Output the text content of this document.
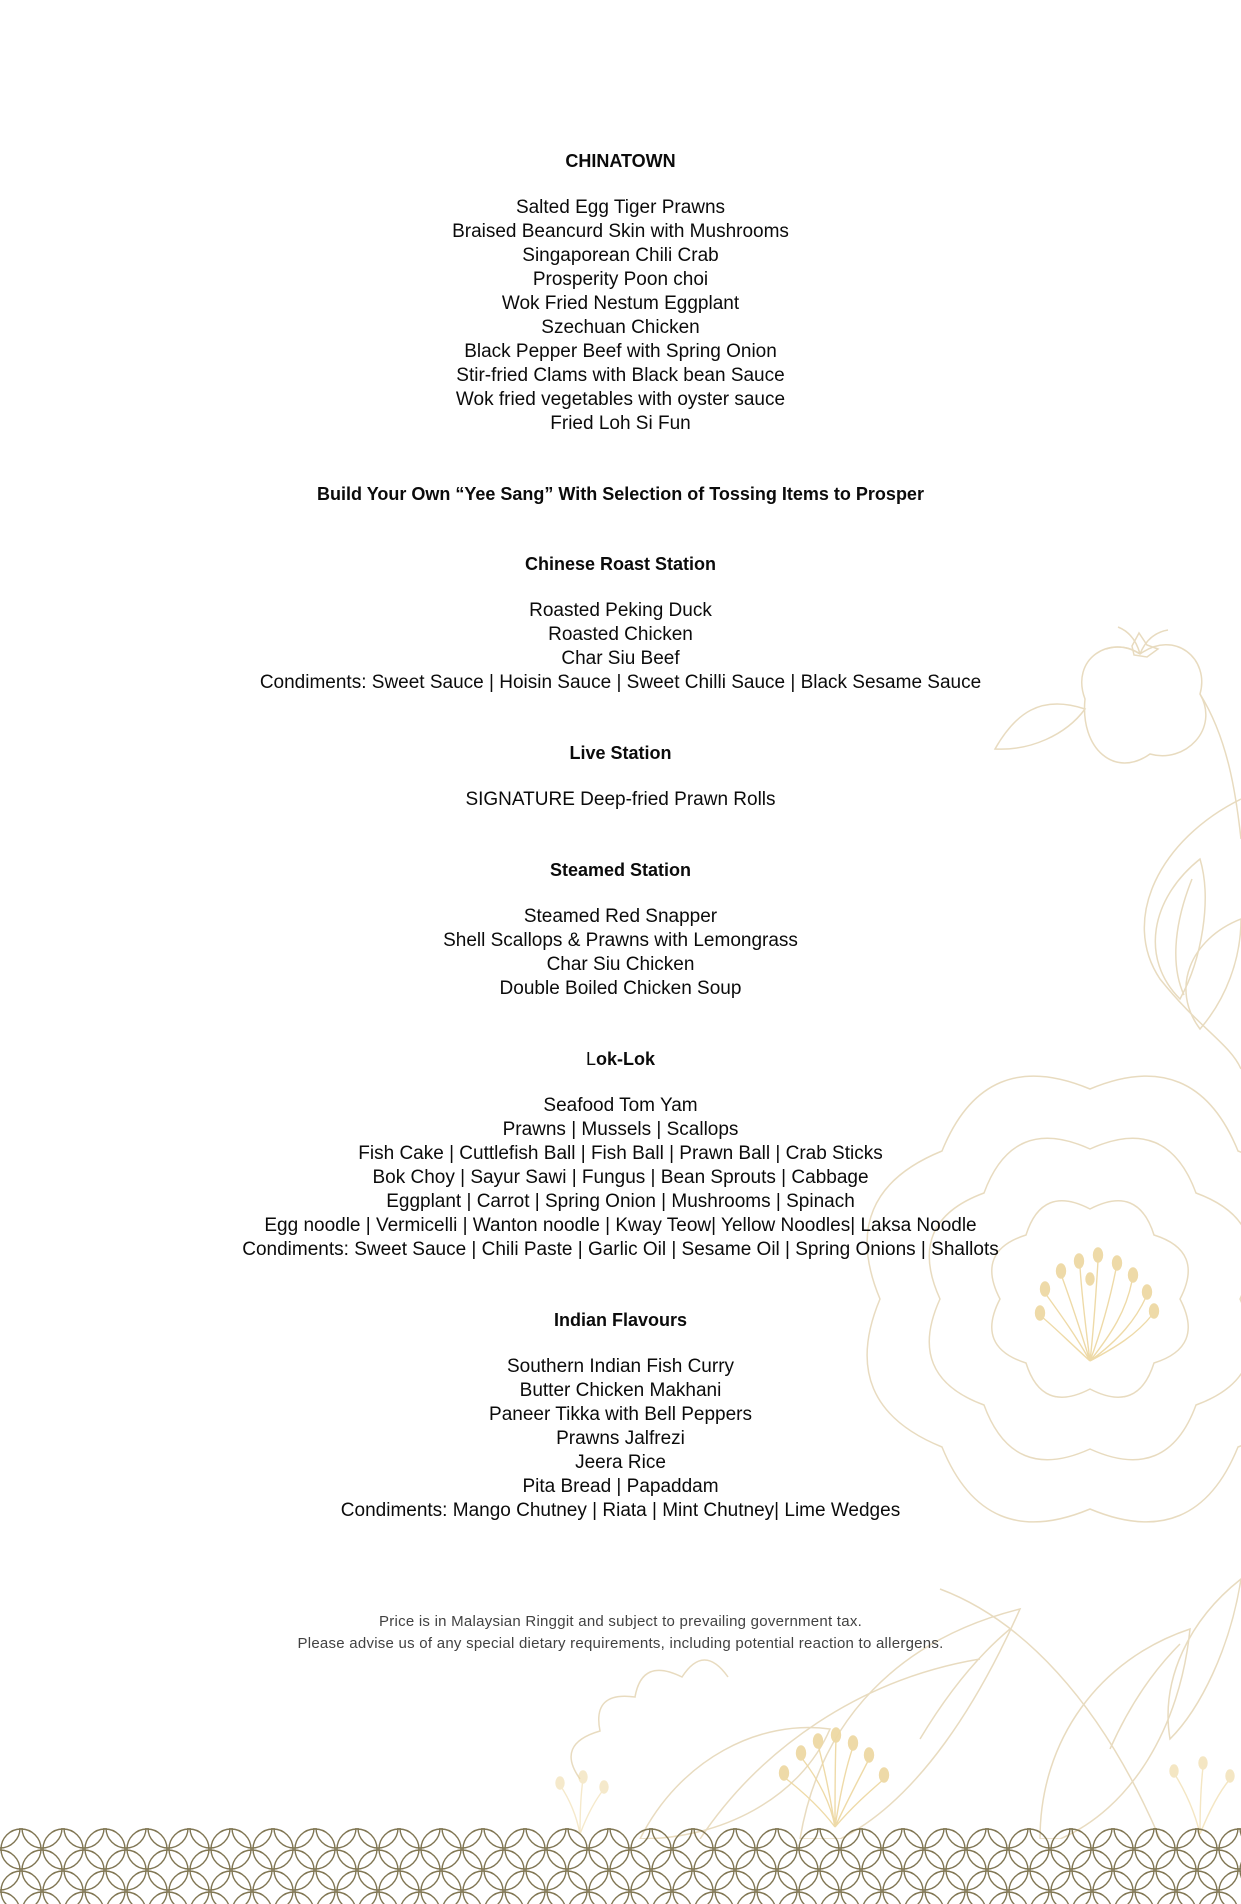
CHINATOWN
Salted Egg Tiger Prawns
Braised Beancurd Skin with Mushrooms
Singaporean Chili Crab
Prosperity Poon choi
Wok Fried Nestum Eggplant
Szechuan Chicken
Black Pepper Beef with Spring Onion
Stir-fried Clams with Black bean Sauce
Wok fried vegetables with oyster sauce
Fried Loh Si Fun
Build Your Own “Yee Sang” With Selection of Tossing Items to Prosper
Chinese Roast Station
Roasted Peking Duck
Roasted Chicken
Char Siu Beef
Condiments: Sweet Sauce | Hoisin Sauce | Sweet Chilli Sauce | Black Sesame Sauce
Live Station
SIGNATURE Deep-fried Prawn Rolls
Steamed Station
Steamed Red Snapper
Shell Scallops & Prawns with Lemongrass
Char Siu Chicken
Double Boiled Chicken Soup
Lok-Lok
Seafood Tom Yam
Prawns | Mussels | Scallops
Fish Cake | Cuttlefish Ball | Fish Ball | Prawn Ball | Crab Sticks
Bok Choy | Sayur Sawi | Fungus | Bean Sprouts | Cabbage
Eggplant | Carrot | Spring Onion | Mushrooms | Spinach
Egg noodle | Vermicelli | Wanton noodle | Kway Teow| Yellow Noodles| Laksa Noodle
Condiments: Sweet Sauce | Chili Paste | Garlic Oil | Sesame Oil | Spring Onions | Shallots
Indian Flavours
Southern Indian Fish Curry
Butter Chicken Makhani
Paneer Tikka with Bell Peppers
Prawns Jalfrezi
Jeera Rice
Pita Bread | Papaddam
Condiments: Mango Chutney | Riata | Mint Chutney| Lime Wedges
Price is in Malaysian Ringgit and subject to prevailing government tax.
Please advise us of any special dietary requirements, including potential reaction to allergens.
